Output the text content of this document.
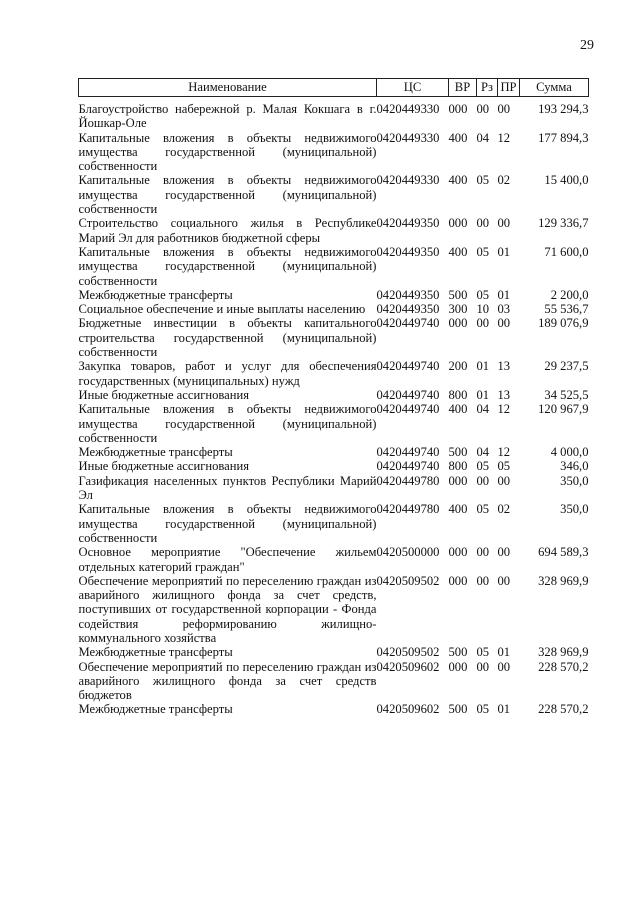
29
Наименование	ЦС	ВР	Рз	ПР	Сумма
Благоустройство набережной р. Малая Кокшага в г. Йошкар-Оле	0420449330	000	00	00	193 294,3
Капитальные вложения в объекты недвижимого имущества государственной (муниципальной) собственности	0420449330	400	04	12	177 894,3
Капитальные вложения в объекты недвижимого имущества государственной (муниципальной) собственности	0420449330	400	05	02	15 400,0
Строительство социального жилья в Республике Марий Эл для работников бюджетной сферы	0420449350	000	00	00	129 336,7
Капитальные вложения в объекты недвижимого имущества государственной (муниципальной) собственности	0420449350	400	05	01	71 600,0
Межбюджетные трансферты	0420449350	500	05	01	2 200,0
Социальное обеспечение и иные выплаты населению	0420449350	300	10	03	55 536,7
Бюджетные инвестиции в объекты капитального строительства государственной (муниципальной) собственности	0420449740	000	00	00	189 076,9
Закупка товаров, работ и услуг для обеспечения государственных (муниципальных) нужд	0420449740	200	01	13	29 237,5
Иные бюджетные ассигнования	0420449740	800	01	13	34 525,5
Капитальные вложения в объекты недвижимого имущества государственной (муниципальной) собственности	0420449740	400	04	12	120 967,9
Межбюджетные трансферты	0420449740	500	04	12	4 000,0
Иные бюджетные ассигнования	0420449740	800	05	05	346,0
Газификация населенных пунктов Республики Марий Эл	0420449780	000	00	00	350,0
Капитальные вложения в объекты недвижимого имущества государственной (муниципальной) собственности	0420449780	400	05	02	350,0
Основное мероприятие "Обеспечение жильем отдельных категорий граждан"	0420500000	000	00	00	694 589,3
Обеспечение мероприятий по переселению граждан из аварийного жилищного фонда за счет средств, поступивших от государственной корпорации - Фонда содействия реформированию жилищно-коммунального хозяйства	0420509502	000	00	00	328 969,9
Межбюджетные трансферты	0420509502	500	05	01	328 969,9
Обеспечение мероприятий по переселению граждан из аварийного жилищного фонда за счет средств бюджетов	0420509602	000	00	00	228 570,2
Межбюджетные трансферты	0420509602	500	05	01	228 570,2
